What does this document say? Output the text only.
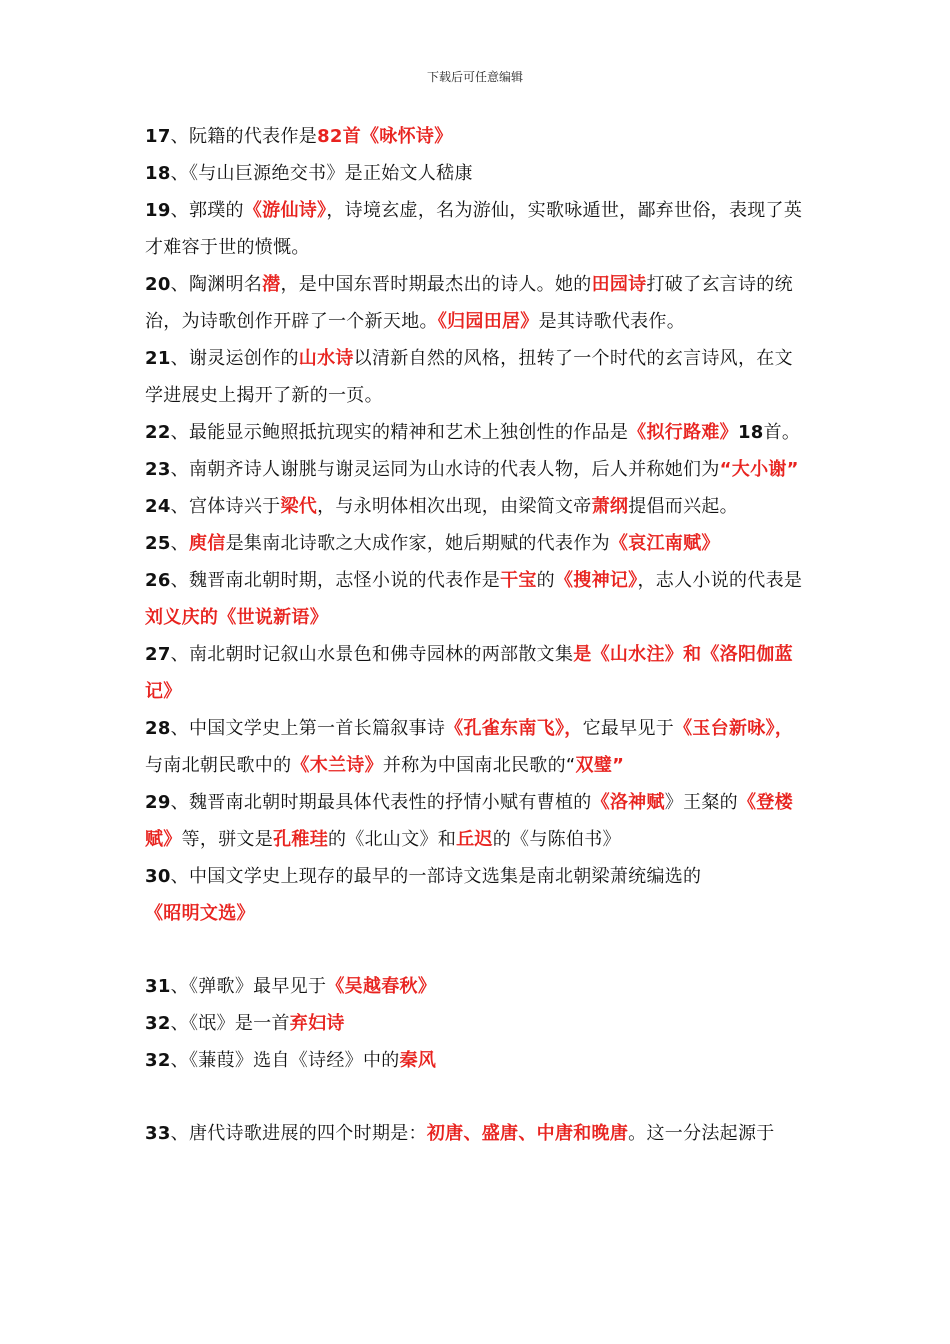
下载后可任意编辑
17、阮籍的代表作是82首《咏怀诗》
18、《与山巨源绝交书》是正始文人嵇康
19、郭璞的《游仙诗》，诗境玄虚，名为游仙，实歌咏遁世，鄙弃世俗，表现了英才难容于世的愤慨。
20、陶渊明名潜，是中国东晋时期最杰出的诗人。她的田园诗打破了玄言诗的统治，为诗歌创作开辟了一个新天地。《归园田居》是其诗歌代表作。
21、谢灵运创作的山水诗以清新自然的风格，扭转了一个时代的玄言诗风，在文学进展史上揭开了新的一页。
22、最能显示鲍照抵抗现实的精神和艺术上独创性的作品是《拟行路难》18首。
23、南朝齐诗人谢朓与谢灵运同为山水诗的代表人物，后人并称她们为“大小谢”
24、宫体诗兴于梁代，与永明体相次出现，由梁简文帝萧纲提倡而兴起。
25、庾信是集南北诗歌之大成作家，她后期赋的代表作为《哀江南赋》
26、魏晋南北朝时期，志怪小说的代表作是干宝的《搜神记》，志人小说的代表是刘义庆的《世说新语》
27、南北朝时记叙山水景色和佛寺园林的两部散文集是《山水注》和《洛阳伽蓝记》
28、中国文学史上第一首长篇叙事诗《孔雀东南飞》，它最早见于《玉台新咏》，与南北朝民歌中的《木兰诗》并称为中国南北民歌的“双璧”
29、魏晋南北朝时期最具体代表性的抒情小赋有曹植的《洛神赋》王粲的《登楼赋》等，骈文是孔稚珪的《北山文》和丘迟的《与陈伯书》
30、中国文学史上现存的最早的一部诗文选集是南北朝梁萧统编选的《昭明文选》
31、《弹歌》最早见于《吴越春秋》
32、《氓》是一首弃妇诗
32、《蒹葭》选自《诗经》中的秦风
33、唐代诗歌进展的四个时期是：初唐、盛唐、中唐和晚唐。这一分法起源于
